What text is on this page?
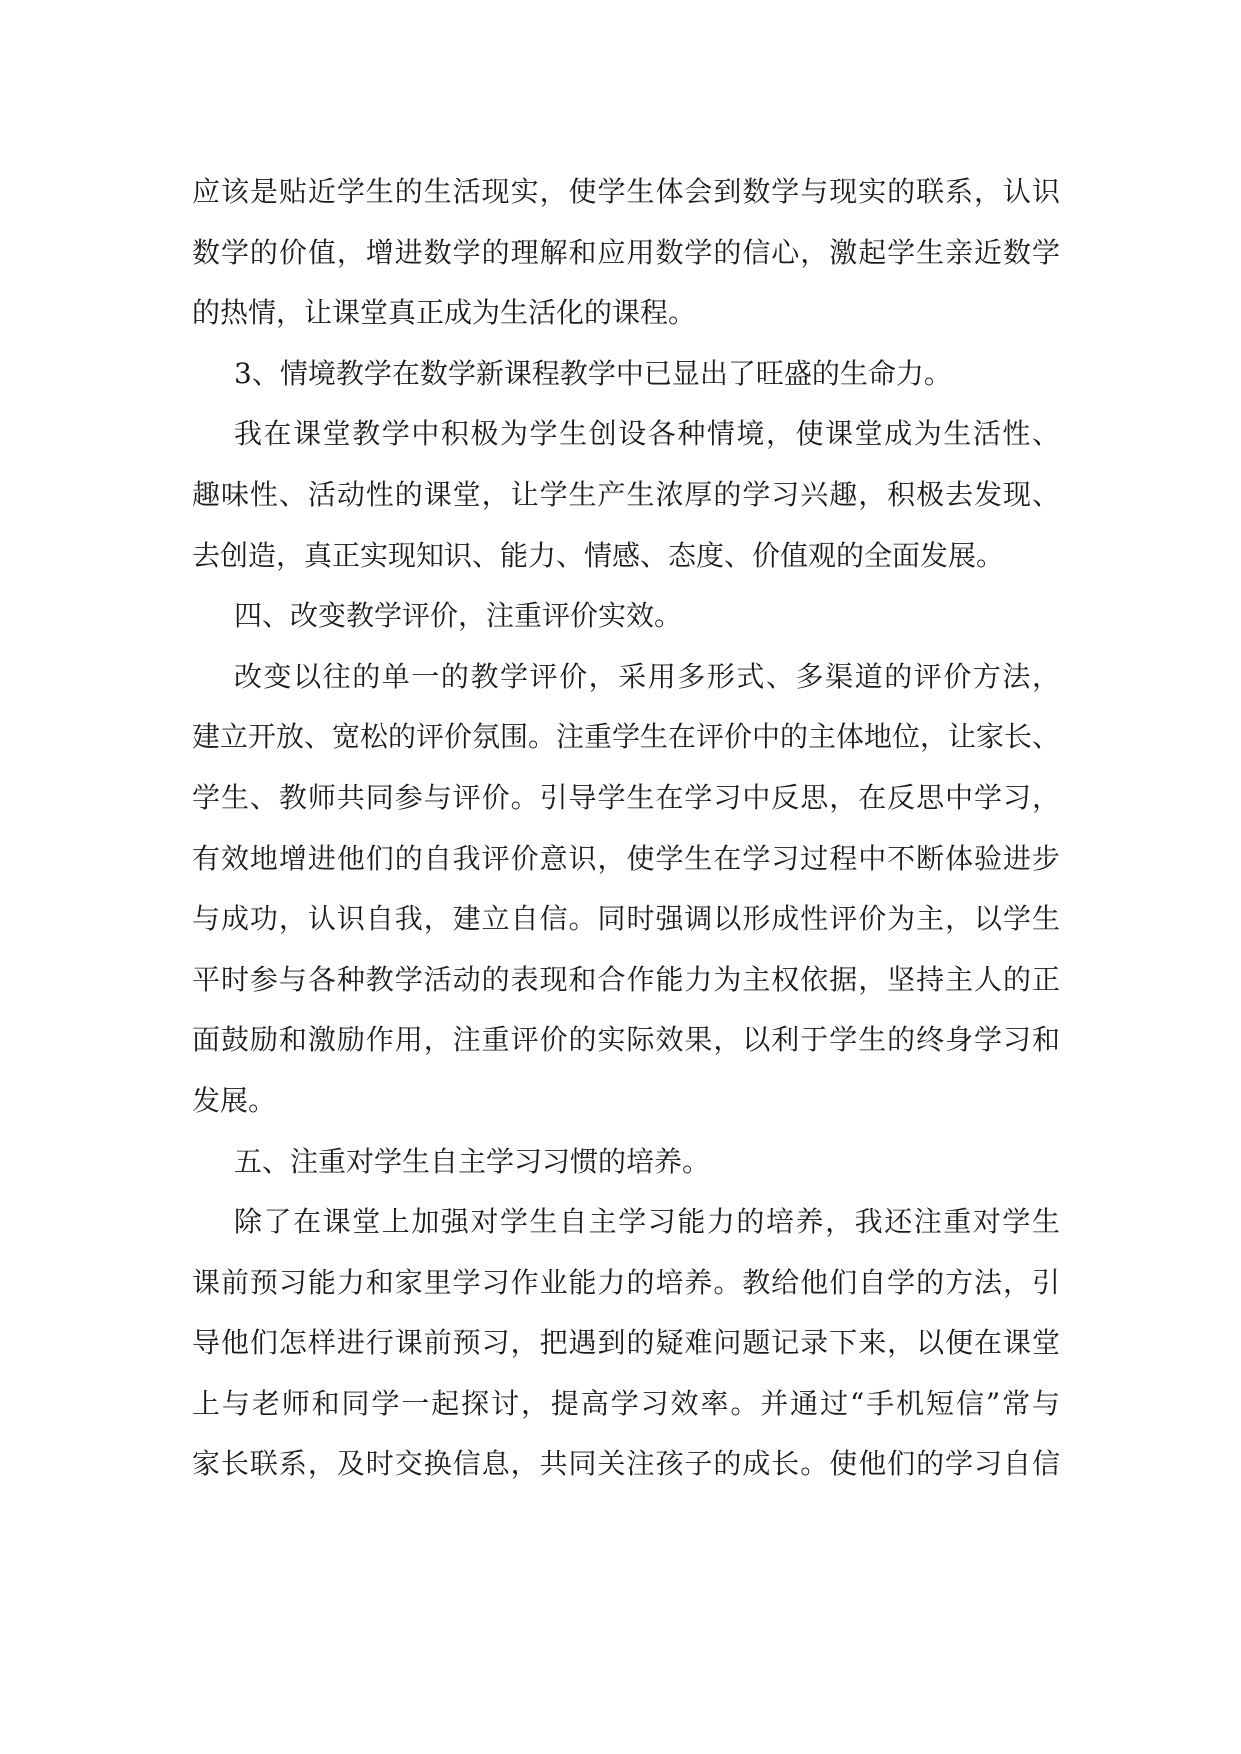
应该是贴近学生的生活现实，使学生体会到数学与现实的联系，认识
数学的价值，增进数学的理解和应用数学的信心，激起学生亲近数学
的热情，让课堂真正成为生活化的课程。
3、情境教学在数学新课程教学中已显出了旺盛的生命力。
我在课堂教学中积极为学生创设各种情境，使课堂成为生活性、
趣味性、活动性的课堂，让学生产生浓厚的学习兴趣，积极去发现、
去创造，真正实现知识、能力、情感、态度、价值观的全面发展。
四、改变教学评价，注重评价实效。
改变以往的单一的教学评价，采用多形式、多渠道的评价方法，
建立开放、宽松的评价氛围。注重学生在评价中的主体地位，让家长、
学生、教师共同参与评价。引导学生在学习中反思，在反思中学习，
有效地增进他们的自我评价意识，使学生在学习过程中不断体验进步
与成功，认识自我，建立自信。同时强调以形成性评价为主，以学生
平时参与各种教学活动的表现和合作能力为主权依据，坚持主人的正
面鼓励和激励作用，注重评价的实际效果，以利于学生的终身学习和
发展。
五、注重对学生自主学习习惯的培养。
除了在课堂上加强对学生自主学习能力的培养，我还注重对学生
课前预习能力和家里学习作业能力的培养。教给他们自学的方法，引
导他们怎样进行课前预习，把遇到的疑难问题记录下来，以便在课堂
上与老师和同学一起探讨，提高学习效率。并通过“手机短信”常与
家长联系，及时交换信息，共同关注孩子的成长。使他们的学习自信
